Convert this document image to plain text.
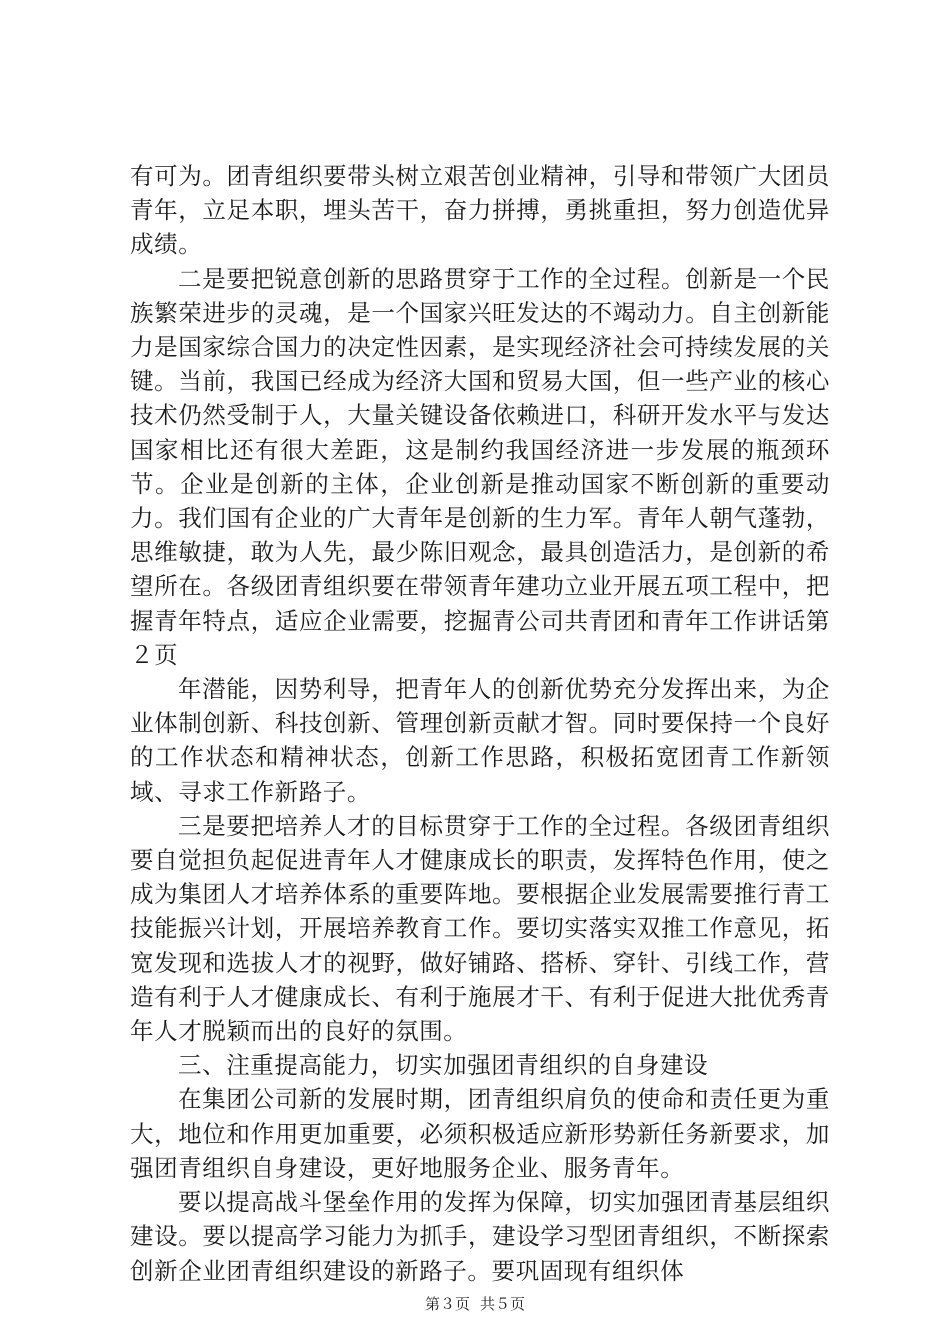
有可为。团青组织要带头树立艰苦创业精神，引导和带领广大团员青年，立足本职，埋头苦干，奋力拼搏，勇挑重担，努力创造优异成绩。

二是要把锐意创新的思路贯穿于工作的全过程。创新是一个民族繁荣进步的灵魂，是一个国家兴旺发达的不竭动力。自主创新能力是国家综合国力的决定性因素，是实现经济社会可持续发展的关键。当前，我国已经成为经济大国和贸易大国，但一些产业的核心技术仍然受制于人，大量关键设备依赖进口，科研开发水平与发达国家相比还有很大差距，这是制约我国经济进一步发展的瓶颈环节。企业是创新的主体，企业创新是推动国家不断创新的重要动力。我们国有企业的广大青年是创新的生力军。青年人朝气蓬勃，思维敏捷，敢为人先，最少陈旧观念，最具创造活力，是创新的希望所在。各级团青组织要在带领青年建功立业开展五项工程中，把握青年特点，适应企业需要，挖掘青公司共青团和青年工作讲话第２页

年潜能，因势利导，把青年人的创新优势充分发挥出来，为企业体制创新、科技创新、管理创新贡献才智。同时要保持一个良好的工作状态和精神状态，创新工作思路，积极拓宽团青工作新领域、寻求工作新路子。

三是要把培养人才的目标贯穿于工作的全过程。各级团青组织要自觉担负起促进青年人才健康成长的职责，发挥特色作用，使之成为集团人才培养体系的重要阵地。要根据企业发展需要推行青工技能振兴计划，开展培养教育工作。要切实落实双推工作意见，拓宽发现和选拔人才的视野，做好铺路、搭桥、穿针、引线工作，营造有利于人才健康成长、有利于施展才干、有利于促进大批优秀青年人才脱颖而出的良好的氛围。

三、注重提高能力，切实加强团青组织的自身建设

在集团公司新的发展时期，团青组织肩负的使命和责任更为重大，地位和作用更加重要，必须积极适应新形势新任务新要求，加强团青组织自身建设，更好地服务企业、服务青年。

要以提高战斗堡垒作用的发挥为保障，切实加强团青基层组织建设。要以提高学习能力为抓手，建设学习型团青组织，不断探索创新企业团青组织建设的新路子。要巩固现有组织体

第３页 共５页
